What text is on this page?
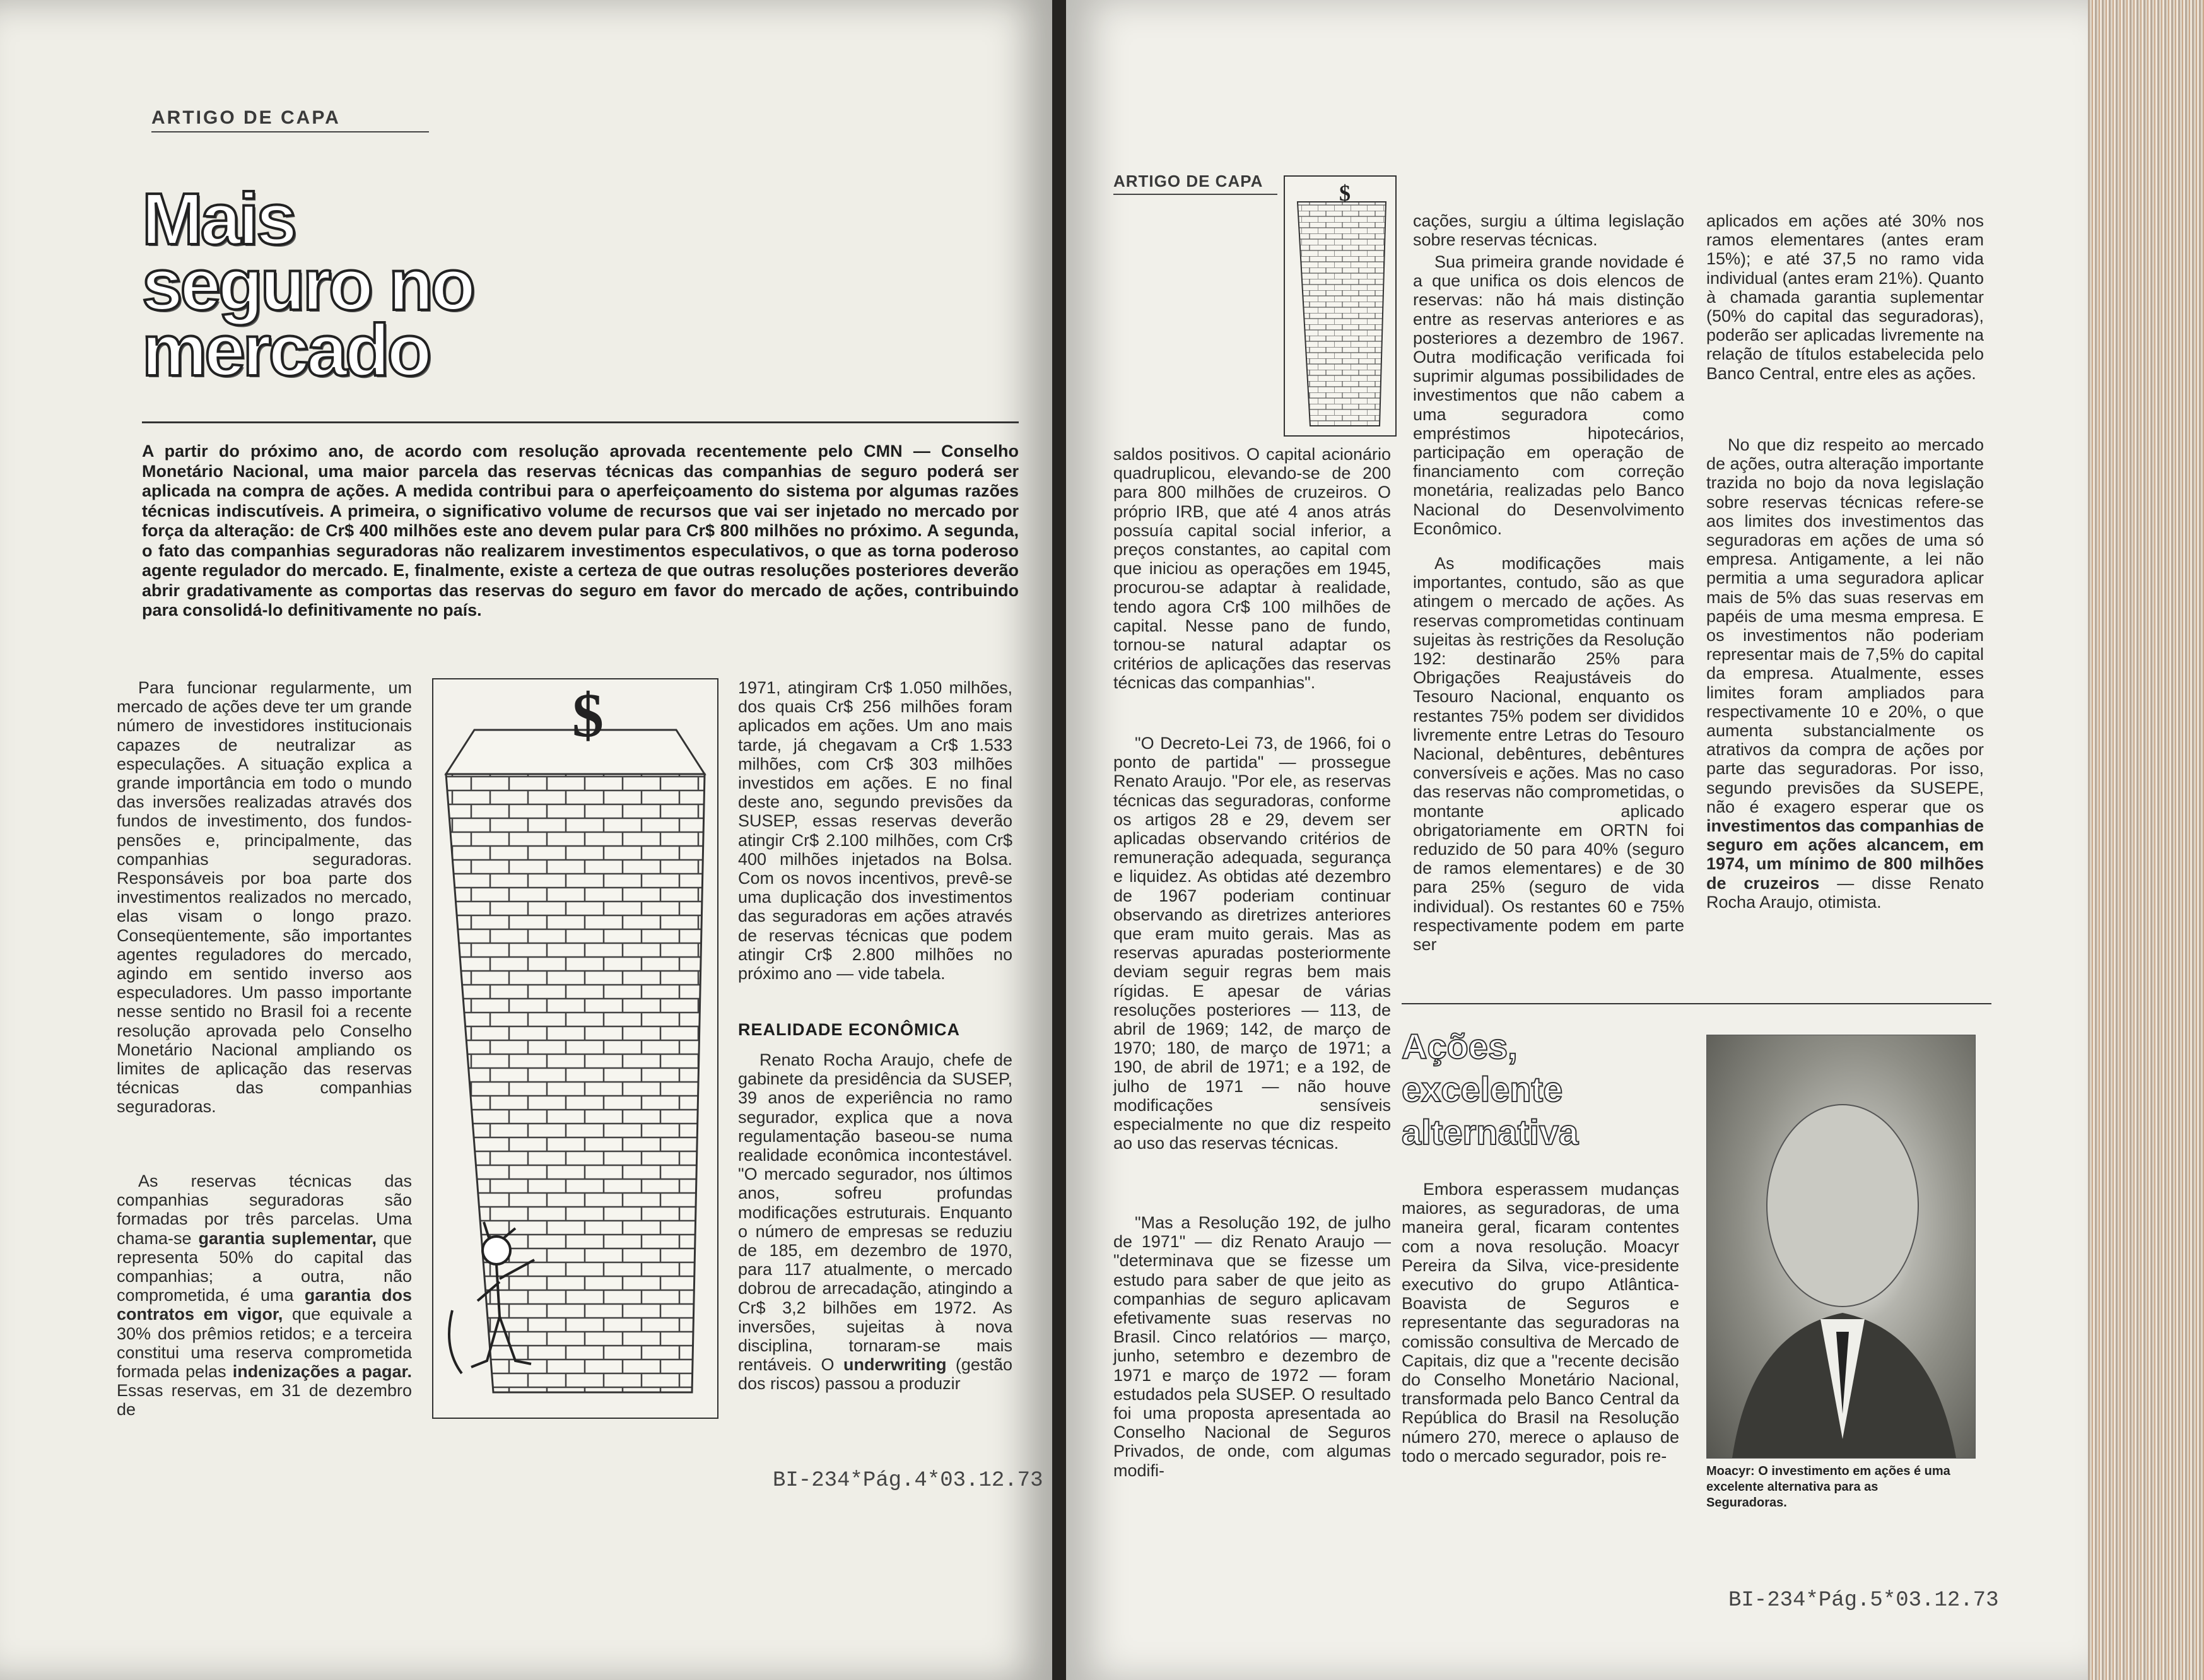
ARTIGO DE CAPA
Mais
seguro no
mercado

A partir do próximo ano, de acordo com resolução aprovada recentemente pelo CMN — Conselho Monetário Nacional, uma maior parcela das reservas técnicas das companhias de seguro poderá ser aplicada na compra de ações. A medida contribui para o aperfeiçoamento do sistema por algumas razões técnicas indiscutíveis. A primeira, o significativo volume de recursos que vai ser injetado no mercado por força da alteração: de Cr$ 400 milhões este ano devem pular para Cr$ 800 milhões no próximo. A segunda, o fato das companhias seguradoras não realizarem investimentos especulativos, o que as torna poderoso agente regulador do mercado. E, finalmente, existe a certeza de que outras resoluções posteriores deverão abrir gradativamente as comportas das reservas do seguro em favor do mercado de ações, contribuindo para consolidá-lo definitivamente no país.

Para funcionar regularmente, um mercado de ações deve ter um grande número de investidores institucionais capazes de neutralizar as especulações. A situação explica a grande importância em todo o mundo das inversões realizadas através dos fundos de investimento, dos fundos-pensões e, principalmente, das companhias seguradoras. Responsáveis por boa parte dos investimentos realizados no mercado, elas visam o longo prazo. Conseqüentemente, são importantes agentes reguladores do mercado, agindo em sentido inverso aos especuladores. Um passo importante nesse sentido no Brasil foi a recente resolução aprovada pelo Conselho Monetário Nacional ampliando os limites de aplicação das reservas técnicas das companhias seguradoras.

As reservas técnicas das companhias seguradoras são formadas por três parcelas. Uma chama-se garantia suplementar, que representa 50% do capital das companhias; a outra, não comprometida, é uma garantia dos contratos em vigor, que equivale a 30% dos prêmios retidos; e a terceira constitui uma reserva comprometida formada pelas indenizações a pagar. Essas reservas, em 31 de dezembro de

$	1971, atingiram Cr$ 1.050 milhões, dos quais Cr$ 256 milhões foram aplicados em ações. Um ano mais tarde, já chegavam a Cr$ 1.533 milhões, com Cr$ 303 milhões investidos em ações. E no final deste ano, segundo previsões da SUSEP, essas reservas deverão atingir Cr$ 2.100 milhões, com Cr$ 400 milhões injetados na Bolsa. Com os novos incentivos, prevê-se uma duplicação dos investimentos das seguradoras em ações através de reservas técnicas que podem atingir Cr$ 2.800 milhões no próximo ano — vide tabela.

REALIDADE ECONÔMICA

Renato Rocha Araujo, chefe de gabinete da presidência da SUSEP, 39 anos de experiência no ramo segurador, explica que a nova regulamentação baseou-se numa realidade econômica incontestável. "O mercado segurador, nos últimos anos, sofreu profundas modificações estruturais. Enquanto o número de empresas se reduziu de 185, em dezembro de 1970, para 117 atualmente, o mercado dobrou de arrecadação, atingindo a Cr$ 3,2 bilhões em 1972. As inversões, sujeitas à nova disciplina, tornaram-se mais rentáveis. O underwriting (gestão dos riscos) passou a produzir

BI-234*Pág.4*03.12.73
ARTIGO DE CAPA	$

saldos positivos. O capital acionário quadruplicou, elevando-se de 200 para 800 milhões de cruzeiros. O próprio IRB, que até 4 anos atrás possuía capital social inferior, a preços constantes, ao capital com que iniciou as operações em 1945, procurou-se adaptar à realidade, tendo agora Cr$ 100 milhões de capital. Nesse pano de fundo, tornou-se natural adaptar os critérios de aplicações das reservas técnicas das companhias".

"O Decreto-Lei 73, de 1966, foi o ponto de partida" — prossegue Renato Araujo. "Por ele, as reservas técnicas das seguradoras, conforme os artigos 28 e 29, devem ser aplicadas observando critérios de remuneração adequada, segurança e liquidez. As obtidas até dezembro de 1967 poderiam continuar observando as diretrizes anteriores que eram muito gerais. Mas as reservas apuradas posteriormente deviam seguir regras bem mais rígidas. E apesar de várias resoluções posteriores — 113, de abril de 1969; 142, de março de 1970; 180, de março de 1971; a 190, de abril de 1971; e a 192, de julho de 1971 — não houve modificações sensíveis especialmente no que diz respeito ao uso das reservas técnicas.

"Mas a Resolução 192, de julho de 1971" — diz Renato Araujo — "determinava que se fizesse um estudo para saber de que jeito as companhias de seguro aplicavam efetivamente suas reservas no Brasil. Cinco relatórios — março, junho, setembro e dezembro de 1971 e março de 1972 — foram estudados pela SUSEP. O resultado foi uma proposta apresentada ao Conselho Nacional de Seguros Privados, de onde, com algumas modifi-

cações, surgiu a última legislação sobre reservas técnicas.

Sua primeira grande novidade é a que unifica os dois elencos de reservas: não há mais distinção entre as reservas anteriores e as posteriores a dezembro de 1967. Outra modificação verificada foi suprimir algumas possibilidades de investimentos que não cabem a uma seguradora como empréstimos hipotecários, participação em operação de financiamento com correção monetária, realizadas pelo Banco Nacional do Desenvolvimento Econômico.

As modificações mais importantes, contudo, são as que atingem o mercado de ações. As reservas comprometidas continuam sujeitas às restrições da Resolução 192: destinarão 25% para Obrigações Reajustáveis do Tesouro Nacional, enquanto os restantes 75% podem ser divididos livremente entre Letras do Tesouro Nacional, debêntures, debêntures conversíveis e ações. Mas no caso das reservas não comprometidas, o montante aplicado obrigatoriamente em ORTN foi reduzido de 50 para 40% (seguro de ramos elementares) e de 30 para 25% (seguro de vida individual). Os restantes 60 e 75% respectivamente podem em parte ser

aplicados em ações até 30% nos ramos elementares (antes eram 15%); e até 37,5 no ramo vida individual (antes eram 21%). Quanto à chamada garantia suplementar (50% do capital das seguradoras), poderão ser aplicadas livremente na relação de títulos estabelecida pelo Banco Central, entre eles as ações.

No que diz respeito ao mercado de ações, outra alteração importante trazida no bojo da nova legislação sobre reservas técnicas refere-se aos limites dos investimentos das seguradoras em ações de uma só empresa. Antigamente, a lei não permitia a uma seguradora aplicar mais de 5% das suas reservas em papéis de uma mesma empresa. E os investimentos não poderiam representar mais de 7,5% do capital da empresa. Atualmente, esses limites foram ampliados para respectivamente 10 e 20%, o que aumenta substancialmente os atrativos da compra de ações por parte das seguradoras. Por isso, segundo previsões da SUSEPE, não é exagero esperar que os investimentos das companhias de seguro em ações alcancem, em 1974, um mínimo de 800 milhões de cruzeiros — disse Renato Rocha Araujo, otimista.

Ações,
excelente
alternativa

Embora esperassem mudanças maiores, as seguradoras, de uma maneira geral, ficaram contentes com a nova resolução. Moacyr Pereira da Silva, vice-presidente executivo do grupo Atlântica-Boavista de Seguros e representante das seguradoras na comissão consultiva de Mercado de Capitais, diz que a "recente decisão do Conselho Monetário Nacional, transformada pelo Banco Central da República do Brasil na Resolução número 270, merece o aplauso de todo o mercado segurador, pois re-

Moacyr: O investimento em ações é uma excelente alternativa para as Seguradoras.

BI-234*Pág.5*03.12.73
